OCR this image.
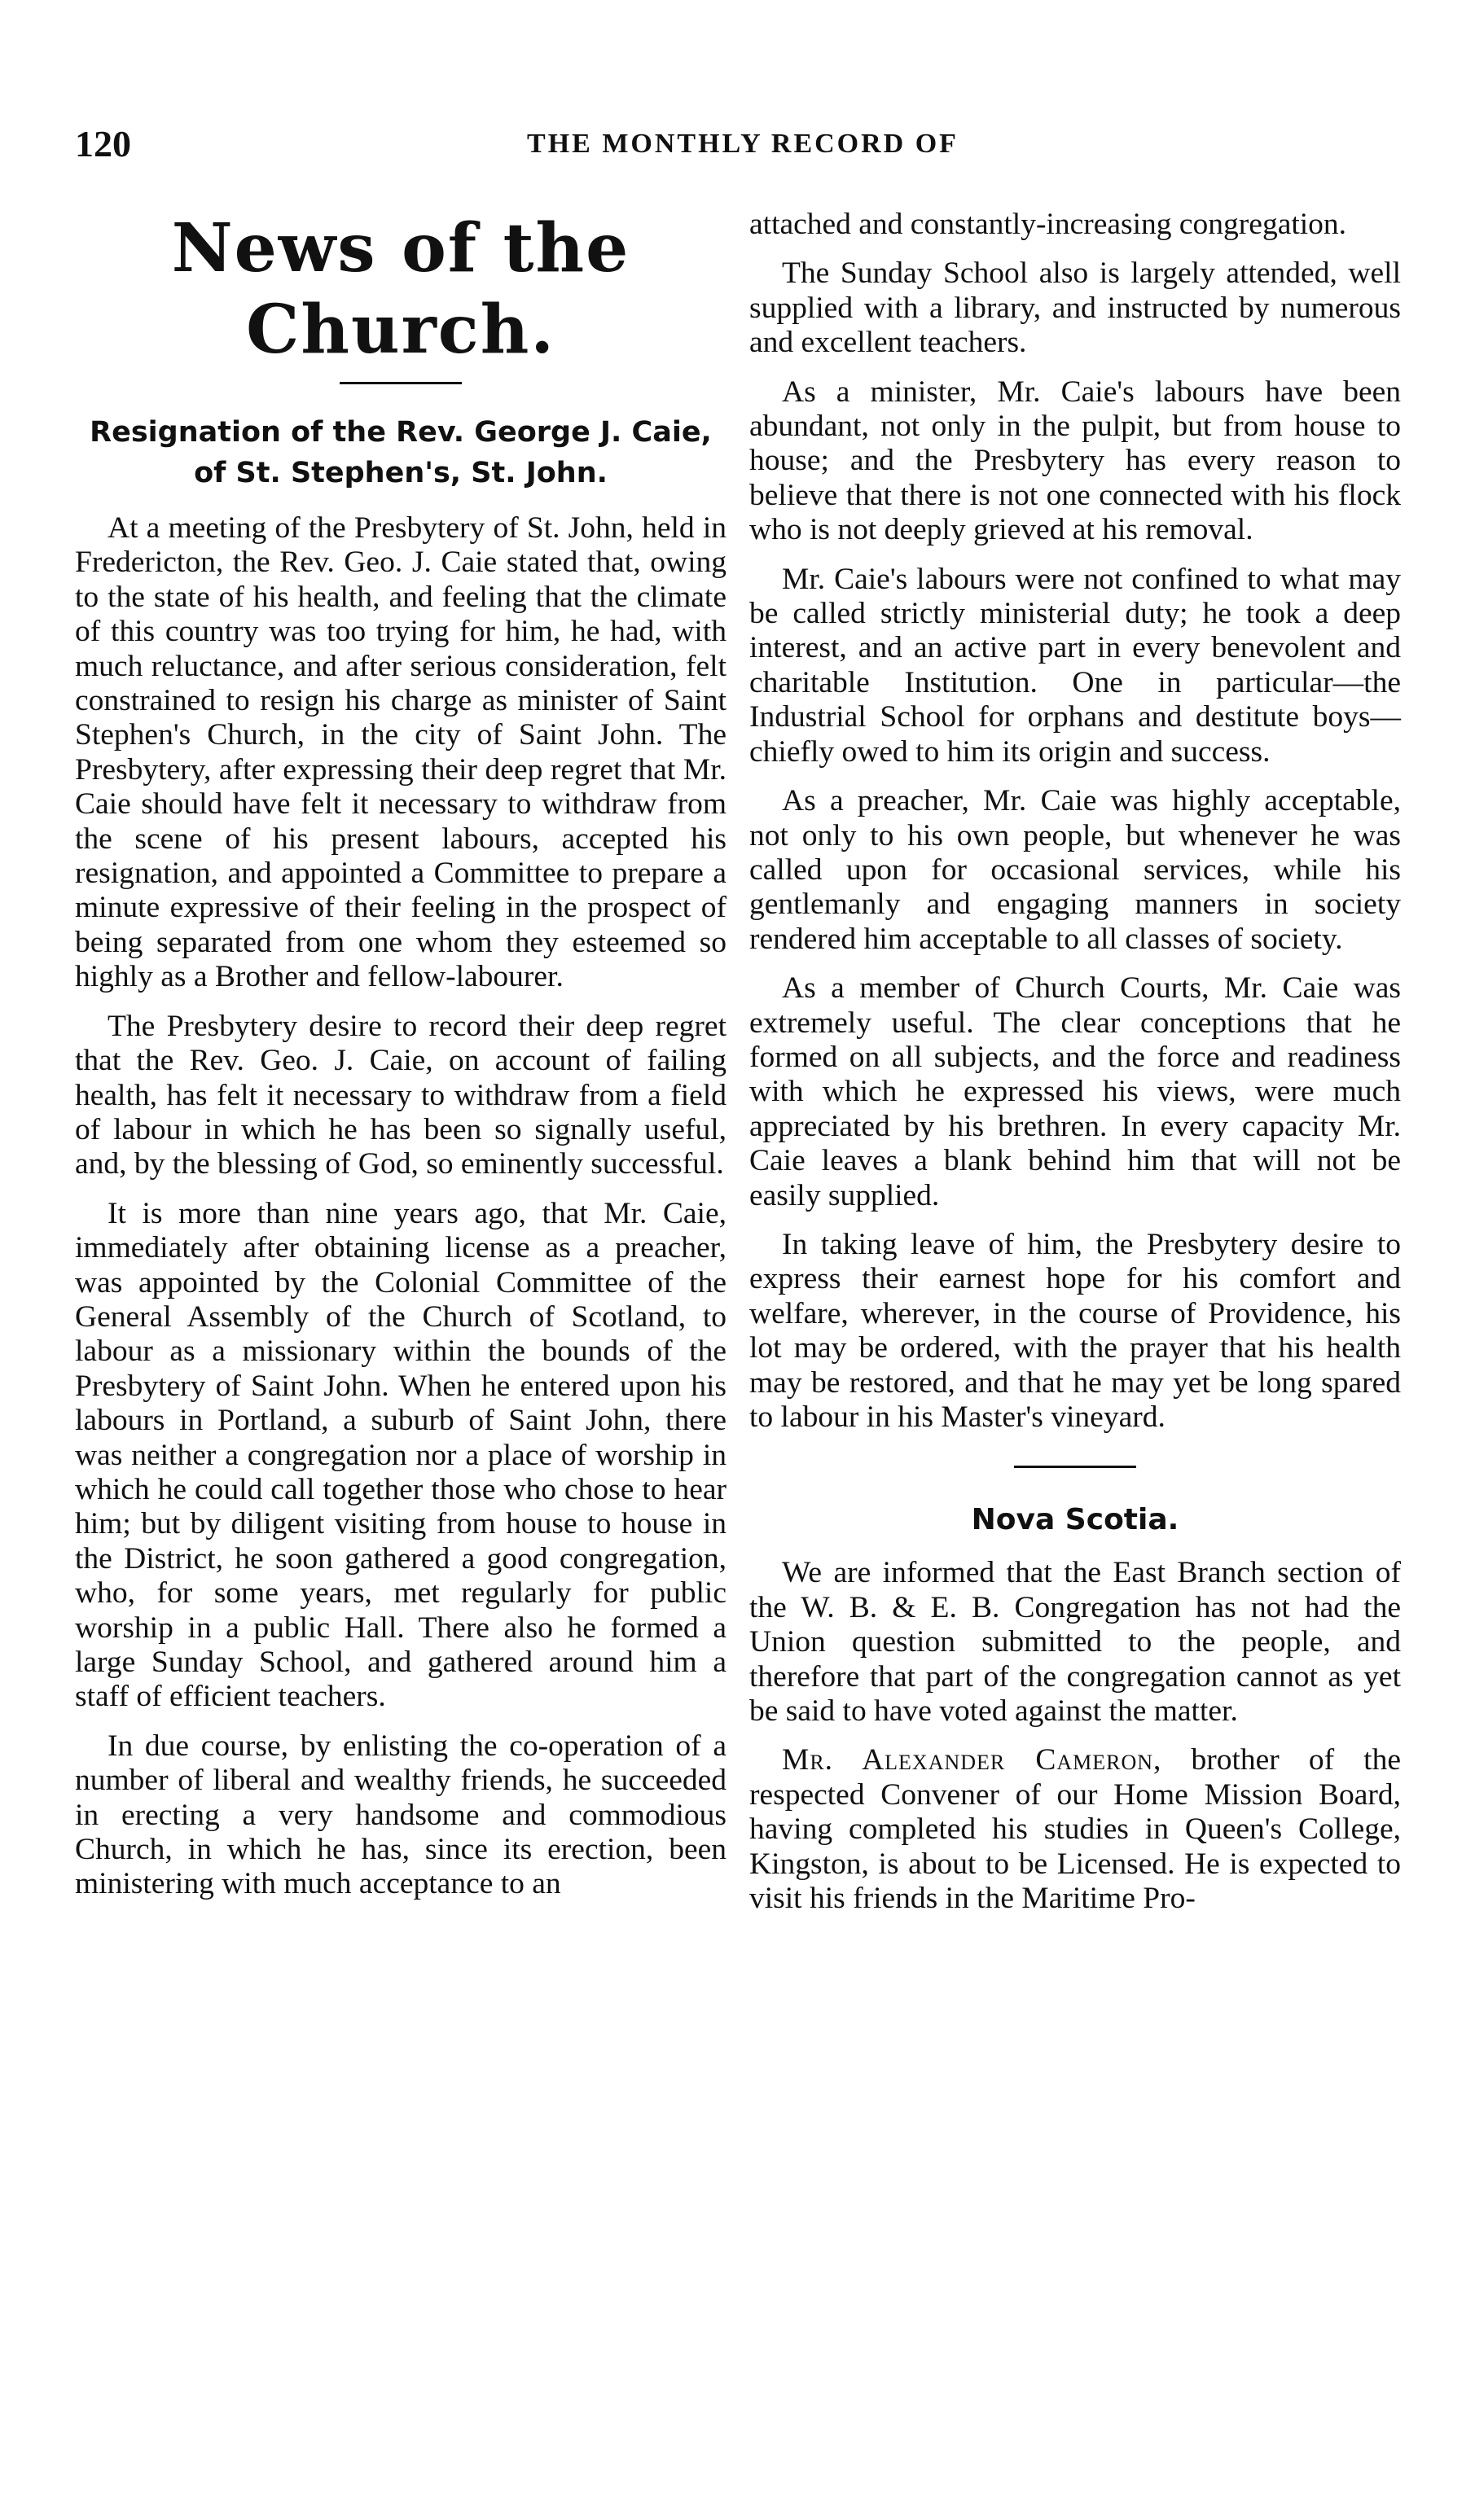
120	THE MONTHLY RECORD OF
News of the Church.
Resignation of the Rev. George J. Caie, of St. Stephen's, St. John.

At a meeting of the Presbytery of St. John, held in Fredericton, the Rev. Geo. J. Caie stated that, owing to the state of his health, and feeling that the climate of this country was too trying for him, he had, with much reluctance, and after serious consideration, felt constrained to resign his charge as minister of Saint Stephen's Church, in the city of Saint John. The Presbytery, after expressing their deep regret that Mr. Caie should have felt it necessary to withdraw from the scene of his present labours, accepted his resignation, and appointed a Committee to prepare a minute expressive of their feeling in the prospect of being separated from one whom they esteemed so highly as a Brother and fellow-labourer.

The Presbytery desire to record their deep regret that the Rev. Geo. J. Caie, on account of failing health, has felt it necessary to withdraw from a field of labour in which he has been so signally useful, and, by the blessing of God, so eminently successful.

It is more than nine years ago, that Mr. Caie, immediately after obtaining license as a preacher, was appointed by the Colonial Committee of the General Assembly of the Church of Scotland, to labour as a missionary within the bounds of the Presbytery of Saint John. When he entered upon his labours in Portland, a suburb of Saint John, there was neither a congregation nor a place of worship in which he could call together those who chose to hear him; but by diligent visiting from house to house in the District, he soon gathered a good congregation, who, for some years, met regularly for public worship in a public Hall. There also he formed a large Sunday School, and gathered around him a staff of efficient teachers.

In due course, by enlisting the co-operation of a number of liberal and wealthy friends, he succeeded in erecting a very handsome and commodious Church, in which he has, since its erection, been ministering with much acceptance to an

attached and constantly-increasing congregation.

The Sunday School also is largely attended, well supplied with a library, and instructed by numerous and excellent teachers.

As a minister, Mr. Caie's labours have been abundant, not only in the pulpit, but from house to house; and the Presbytery has every reason to believe that there is not one connected with his flock who is not deeply grieved at his removal.

Mr. Caie's labours were not confined to what may be called strictly ministerial duty; he took a deep interest, and an active part in every benevolent and charitable Institution. One in particular—the Industrial School for orphans and destitute boys—chiefly owed to him its origin and success.

As a preacher, Mr. Caie was highly acceptable, not only to his own people, but whenever he was called upon for occasional services, while his gentlemanly and engaging manners in society rendered him acceptable to all classes of society.

As a member of Church Courts, Mr. Caie was extremely useful. The clear conceptions that he formed on all subjects, and the force and readiness with which he expressed his views, were much appreciated by his brethren. In every capacity Mr. Caie leaves a blank behind him that will not be easily supplied.

In taking leave of him, the Presbytery desire to express their earnest hope for his comfort and welfare, wherever, in the course of Providence, his lot may be ordered, with the prayer that his health may be restored, and that he may yet be long spared to labour in his Master's vineyard.

Nova Scotia.

We are informed that the East Branch section of the W. B. & E. B. Congregation has not had the Union question submitted to the people, and therefore that part of the congregation cannot as yet be said to have voted against the matter.

Mr. Alexander Cameron, brother of the respected Convener of our Home Mission Board, having completed his studies in Queen's College, Kingston, is about to be Licensed. He is expected to visit his friends in the Maritime Pro-
